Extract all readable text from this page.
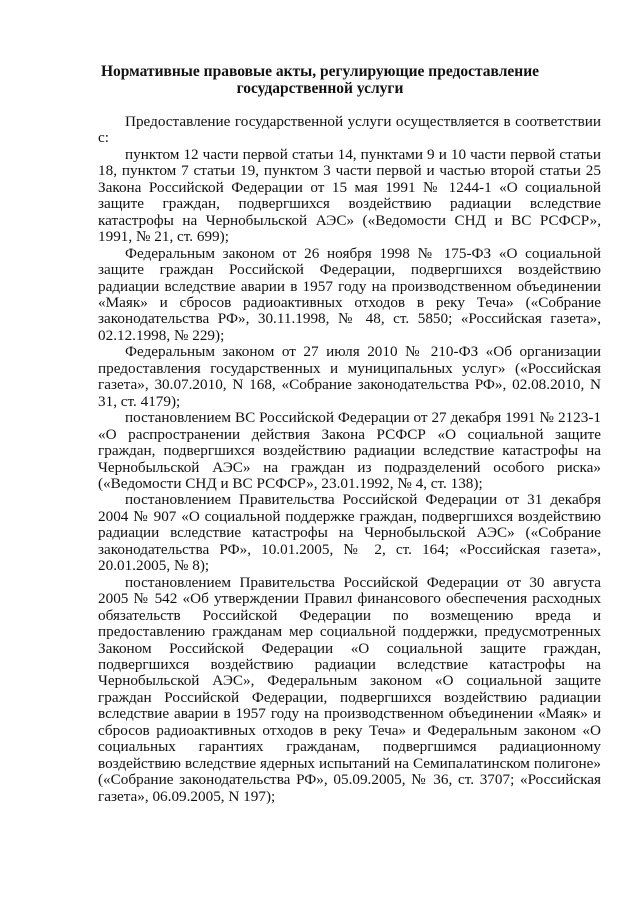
Нормативные правовые акты, регулирующие предоставление государственной услуги

Предоставление государственной услуги осуществляется в соответствии с:

пунктом 12 части первой статьи 14, пунктами 9 и 10 части первой статьи 18, пунктом 7 статьи 19, пунктом 3 части первой и частью второй статьи 25 Закона Российской Федерации от 15 мая 1991 № 1244-1 «О социальной защите граждан, подвергшихся воздействию радиации вследствие катастрофы на Чернобыльской АЭС» («Ведомости СНД и ВС РСФСР», 1991, № 21, ст. 699);

Федеральным законом от 26 ноября 1998 № 175-ФЗ «О социальной защите граждан Российской Федерации, подвергшихся воздействию радиации вследствие аварии в 1957 году на производственном объединении «Маяк» и сбросов радиоактивных отходов в реку Теча» («Собрание законодательства РФ», 30.11.1998, № 48, ст. 5850; «Российская газета», 02.12.1998, № 229);

Федеральным законом от 27 июля 2010 № 210-ФЗ «Об организации предоставления государственных и муниципальных услуг» («Российская газета», 30.07.2010, N 168, «Собрание законодательства РФ», 02.08.2010, N 31, ст. 4179);

постановлением ВС Российской Федерации от 27 декабря 1991 № 2123-1 «О распространении действия Закона РСФСР «О социальной защите граждан, подвергшихся воздействию радиации вследствие катастрофы на Чернобыльской АЭС» на граждан из подразделений особого риска» («Ведомости СНД и ВС РСФСР», 23.01.1992, № 4, ст. 138);

постановлением Правительства Российской Федерации от 31 декабря 2004 № 907 «О социальной поддержке граждан, подвергшихся воздействию радиации вследствие катастрофы на Чернобыльской АЭС» («Собрание законодательства РФ», 10.01.2005, № 2, ст. 164; «Российская газета», 20.01.2005, № 8);

постановлением Правительства Российской Федерации от 30 августа 2005 № 542 «Об утверждении Правил финансового обеспечения расходных обязательств Российской Федерации по возмещению вреда и предоставлению гражданам мер социальной поддержки, предусмотренных Законом Российской Федерации «О социальной защите граждан, подвергшихся воздействию радиации вследствие катастрофы на Чернобыльской АЭС», Федеральным законом «О социальной защите граждан Российской Федерации, подвергшихся воздействию радиации вследствие аварии в 1957 году на производственном объединении «Маяк» и сбросов радиоактивных отходов в реку Теча» и Федеральным законом «О социальных гарантиях гражданам, подвергшимся радиационному воздействию вследствие ядерных испытаний на Семипалатинском полигоне» («Собрание законодательства РФ», 05.09.2005, № 36, ст. 3707; «Российская газета», 06.09.2005, N 197);
